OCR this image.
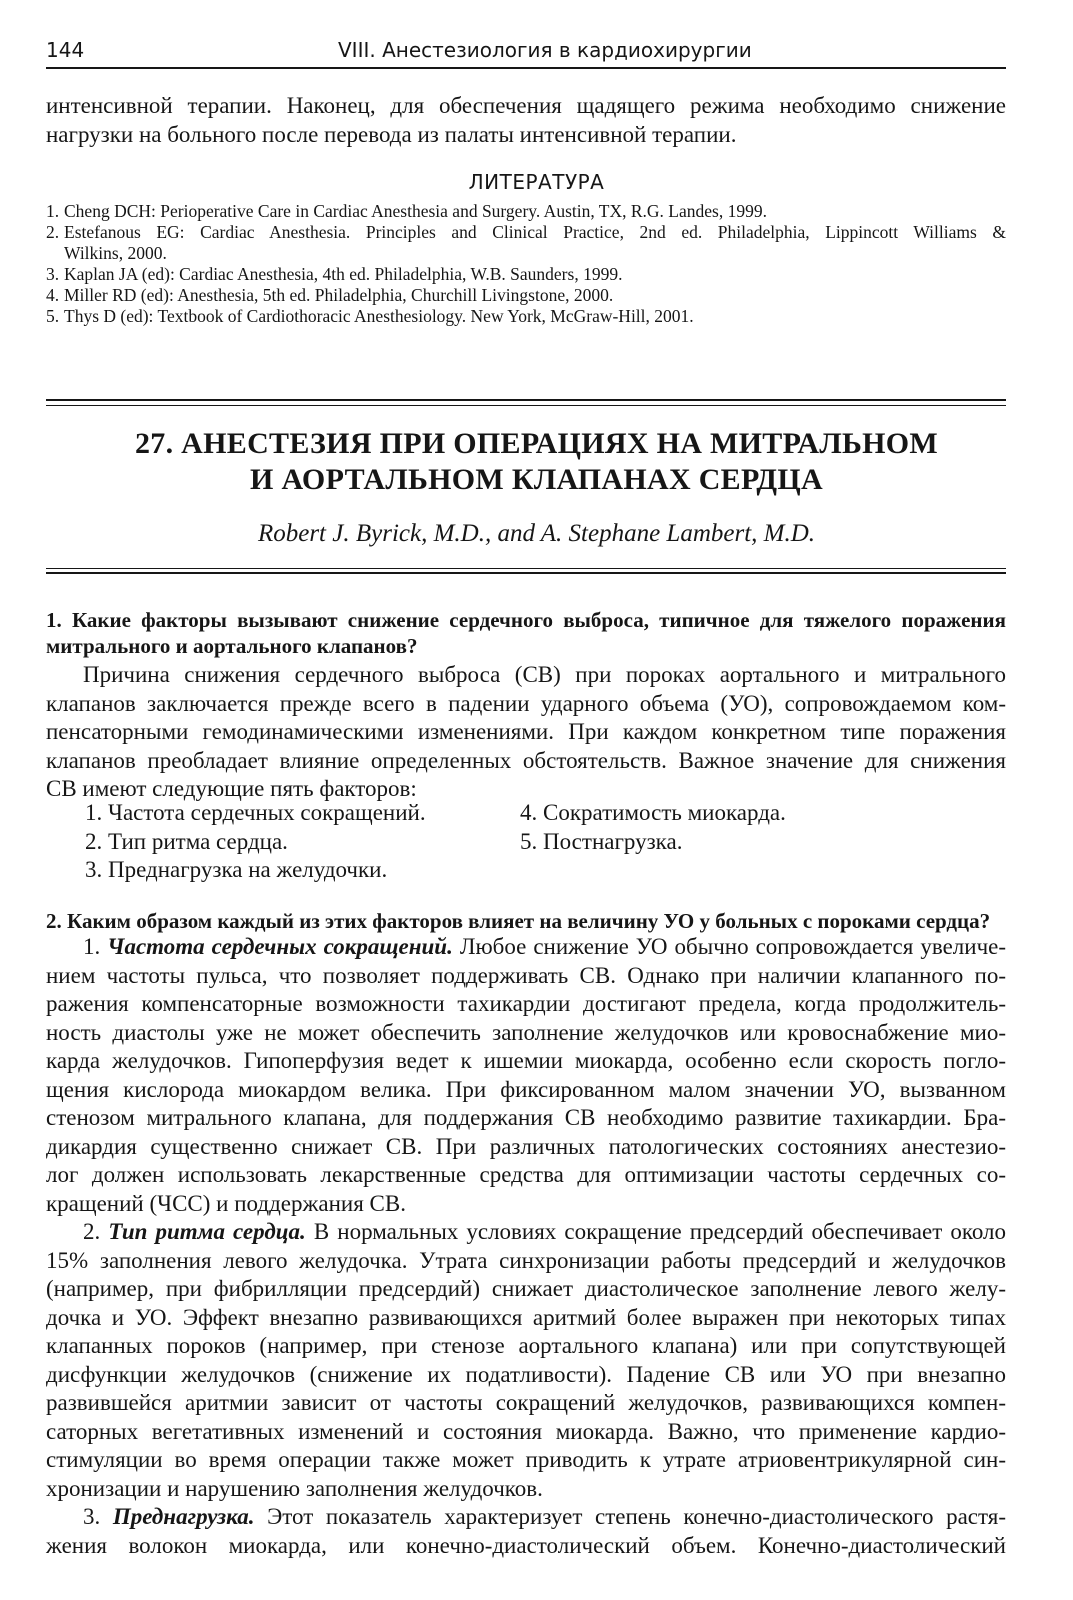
144	VIII. Анестезиология в кардиохирургии
интенсивной терапии. Наконец, для обеспечения щадящего режима необходимо снижение
нагрузки на больного после перевода из палаты интенсивной терапии.
ЛИТЕРАТУРА
1. Cheng DCH: Perioperative Care in Cardiac Anesthesia and Surgery. Austin, TX, R.G. Landes, 1999.
2. Estefanous EG: Cardiac Anesthesia. Principles and Clinical Practice, 2nd ed. Philadelphia, Lippincott Williams &
Wilkins, 2000.
3. Kaplan JA (ed): Cardiac Anesthesia, 4th ed. Philadelphia, W.B. Saunders, 1999.
4. Miller RD (ed): Anesthesia, 5th ed. Philadelphia, Churchill Livingstone, 2000.
5. Thys D (ed): Textbook of Cardiothoracic Anesthesiology. New York, McGraw-Hill, 2001.
27. АНЕСТЕЗИЯ ПРИ ОПЕРАЦИЯХ НА МИТРАЛЬНОМ
И АОРТАЛЬНОМ КЛАПАНАХ СЕРДЦА
Robert J. Byrick, M.D., and A. Stephane Lambert, M.D.
1. Какие факторы вызывают снижение сердечного выброса, типичное для тяжелого поражения
митрального и аортального клапанов?
Причина снижения сердечного выброса (СВ) при пороках аортального и митрального
клапанов заключается прежде всего в падении ударного объема (УО), сопровождаемом ком-
пенсаторными гемодинамическими изменениями. При каждом конкретном типе поражения
клапанов преобладает влияние определенных обстоятельств. Важное значение для снижения
СВ имеют следующие пять факторов:
1. Частота сердечных сокращений.
2. Тип ритма сердца.
3. Преднагрузка на желудочки.
4. Сократимость миокарда.
5. Постнагрузка.
2. Каким образом каждый из этих факторов влияет на величину УО у больных с пороками сердца?
1. Частота сердечных сокращений. Любое снижение УО обычно сопровождается увеличе-
нием частоты пульса, что позволяет поддерживать СВ. Однако при наличии клапанного по-
ражения компенсаторные возможности тахикардии достигают предела, когда продолжитель-
ность диастолы уже не может обеспечить заполнение желудочков или кровоснабжение мио-
карда желудочков. Гипоперфузия ведет к ишемии миокарда, особенно если скорость погло-
щения кислорода миокардом велика. При фиксированном малом значении УО, вызванном
стенозом митрального клапана, для поддержания СВ необходимо развитие тахикардии. Бра-
дикардия существенно снижает СВ. При различных патологических состояниях анестезио-
лог должен использовать лекарственные средства для оптимизации частоты сердечных со-
кращений (ЧСС) и поддержания СВ.
2. Тип ритма сердца. В нормальных условиях сокращение предсердий обеспечивает около
15% заполнения левого желудочка. Утрата синхронизации работы предсердий и желудочков
(например, при фибрилляции предсердий) снижает диастолическое заполнение левого желу-
дочка и УО. Эффект внезапно развивающихся аритмий более выражен при некоторых типах
клапанных пороков (например, при стенозе аортального клапана) или при сопутствующей
дисфункции желудочков (снижение их податливости). Падение СВ или УО при внезапно
развившейся аритмии зависит от частоты сокращений желудочков, развивающихся компен-
саторных вегетативных изменений и состояния миокарда. Важно, что применение кардио-
стимуляции во время операции также может приводить к утрате атриовентрикулярной син-
хронизации и нарушению заполнения желудочков.
3. Преднагрузка. Этот показатель характеризует степень конечно-диастолического растя-
жения волокон миокарда, или конечно-диастолический объем. Конечно-диастолический
